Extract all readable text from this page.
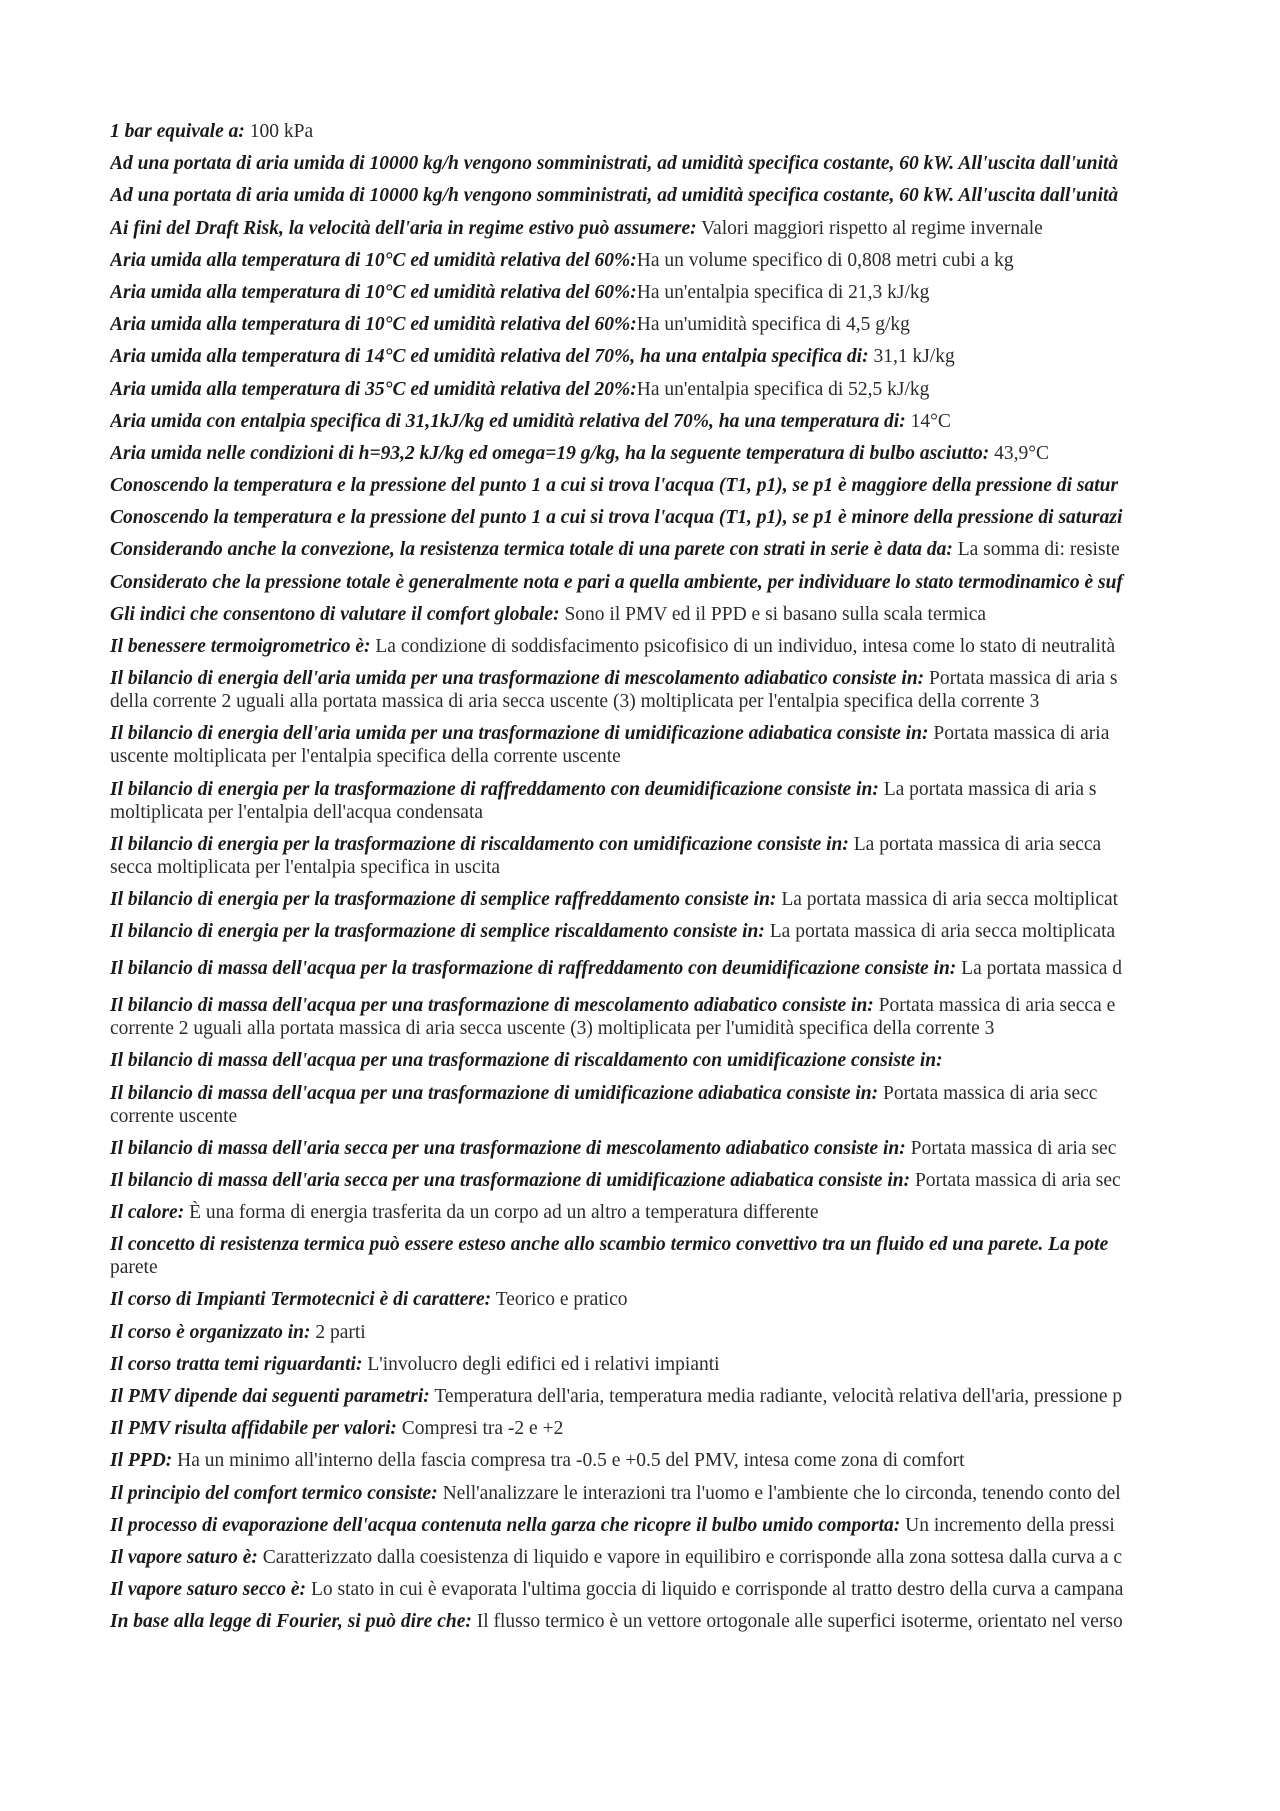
1 bar equivale a: 100 kPa
Ad una portata di aria umida di 10000 kg/h vengono somministrati, ad umidità specifica costante, 60 kW. All'uscita dall'unità
Ad una portata di aria umida di 10000 kg/h vengono somministrati, ad umidità specifica costante, 60 kW. All'uscita dall'unità
Ai fini del Draft Risk, la velocità dell'aria in regime estivo può assumere: Valori maggiori rispetto al regime invernale
Aria umida alla temperatura di 10°C ed umidità relativa del 60%:Ha un volume specifico di 0,808 metri cubi a kg
Aria umida alla temperatura di 10°C ed umidità relativa del 60%:Ha un'entalpia specifica di 21,3 kJ/kg
Aria umida alla temperatura di 10°C ed umidità relativa del 60%:Ha un'umidità specifica di 4,5 g/kg
Aria umida alla temperatura di 14°C ed umidità relativa del 70%, ha una entalpia specifica di: 31,1 kJ/kg
Aria umida alla temperatura di 35°C ed umidità relativa del 20%:Ha un'entalpia specifica di 52,5 kJ/kg
Aria umida con entalpia specifica di 31,1kJ/kg ed umidità relativa del 70%, ha una temperatura di: 14°C
Aria umida nelle condizioni di h=93,2 kJ/kg ed omega=19 g/kg, ha la seguente temperatura di bulbo asciutto: 43,9°C
Conoscendo la temperatura e la pressione del punto 1 a cui si trova l'acqua (T1, p1), se p1 è maggiore della pressione di satur
Conoscendo la temperatura e la pressione del punto 1 a cui si trova l'acqua (T1, p1), se p1 è minore della pressione di saturazi
Considerando anche la convezione, la resistenza termica totale di una parete con strati in serie è data da: La somma di: resiste
Considerato che la pressione totale è generalmente nota e pari a quella ambiente, per individuare lo stato termodinamico è suf
Gli indici che consentono di valutare il comfort globale: Sono il PMV ed il PPD e si basano sulla scala termica
Il benessere termoigrometrico è: La condizione di soddisfacimento psicofisico di un individuo, intesa come lo stato di neutralità
Il bilancio di energia dell'aria umida per una trasformazione di mescolamento adiabatico consiste in: Portata massica di aria s
della corrente 2 uguali alla portata massica di aria secca uscente (3) moltiplicata per l'entalpia specifica della corrente 3
Il bilancio di energia dell'aria umida per una trasformazione di umidificazione adiabatica consiste in: Portata massica di aria
uscente moltiplicata per l'entalpia specifica della corrente uscente
Il bilancio di energia per la trasformazione di raffreddamento con deumidificazione consiste in: La portata massica di aria s
moltiplicata per l'entalpia dell'acqua condensata
Il bilancio di energia per la trasformazione di riscaldamento con umidificazione consiste in: La portata massica di aria secca
secca moltiplicata per l'entalpia specifica in uscita
Il bilancio di energia per la trasformazione di semplice raffreddamento consiste in: La portata massica di aria secca moltiplicat
Il bilancio di energia per la trasformazione di semplice riscaldamento consiste in: La portata massica di aria secca moltiplicata
Il bilancio di massa dell'acqua per la trasformazione di raffreddamento con deumidificazione consiste in: La portata massica d
Il bilancio di massa dell'acqua per una trasformazione di mescolamento adiabatico consiste in: Portata massica di aria secca e
corrente 2 uguali alla portata massica di aria secca uscente (3) moltiplicata per l'umidità specifica della corrente 3
Il bilancio di massa dell'acqua per una trasformazione di riscaldamento con umidificazione consiste in:
Il bilancio di massa dell'acqua per una trasformazione di umidificazione adiabatica consiste in: Portata massica di aria secc
corrente uscente
Il bilancio di massa dell'aria secca per una trasformazione di mescolamento adiabatico consiste in: Portata massica di aria sec
Il bilancio di massa dell'aria secca per una trasformazione di umidificazione adiabatica consiste in: Portata massica di aria sec
Il calore: È una forma di energia trasferita da un corpo ad un altro a temperatura differente
Il concetto di resistenza termica può essere esteso anche allo scambio termico convettivo tra un fluido ed una parete. La pote
parete
Il corso di Impianti Termotecnici è di carattere: Teorico e pratico
Il corso è organizzato in: 2 parti
Il corso tratta temi riguardanti: L'involucro degli edifici ed i relativi impianti
Il PMV dipende dai seguenti parametri: Temperatura dell'aria, temperatura media radiante, velocità relativa dell'aria, pressione p
Il PMV risulta affidabile per valori: Compresi tra -2 e +2
Il PPD: Ha un minimo all'interno della fascia compresa tra -0.5 e +0.5 del PMV, intesa come zona di comfort
Il principio del comfort termico consiste: Nell'analizzare le interazioni tra l'uomo e l'ambiente che lo circonda, tenendo conto del
Il processo di evaporazione dell'acqua contenuta nella garza che ricopre il bulbo umido comporta: Un incremento della pressi
Il vapore saturo è: Caratterizzato dalla coesistenza di liquido e vapore in equilibiro e corrisponde alla zona sottesa dalla curva a c
Il vapore saturo secco è: Lo stato in cui è evaporata l'ultima goccia di liquido e corrisponde al tratto destro della curva a campana
In base alla legge di Fourier, si può dire che: Il flusso termico è un vettore ortogonale alle superfici isoterme, orientato nel verso
